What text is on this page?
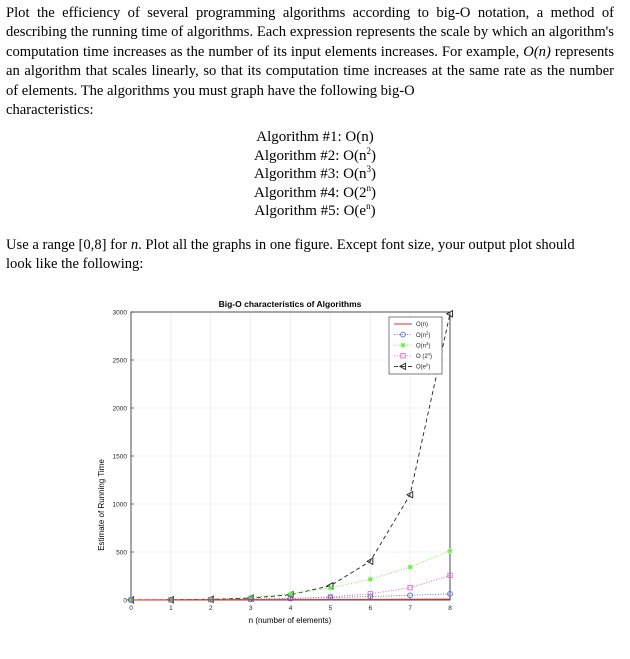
Plot the efficiency of several programming algorithms according to big-O notation, a method of describing the running time of algorithms. Each expression represents the scale by which an algorithm's computation time increases as the number of its input elements increases. For example, O(n) represents an algorithm that scales linearly, so that its computation time increases at the same rate as the number of elements. The algorithms you must graph have the following big-O
characteristics:
Algorithm #1: O(n)
Algorithm #2: $O(n^2)$
Algorithm #3: $O(n^3)$
Algorithm #4: O(2$^n$)
Algorithm #5: $O(e^n)$
Use a range [0,8] for n. Plot all the graphs in one figure. Except font size, your output plot should
look like the following:
Big-O characteristics of Algorithms
0	1	2	3	4	5	6	7	8
0
500
1000
1500
2000
2500
3000
n (number of elements)
Estimate of Running Time
O(n)
$O(n^2)$
$O(n^3)$
O (2$^n$)
$O(e^n)$
